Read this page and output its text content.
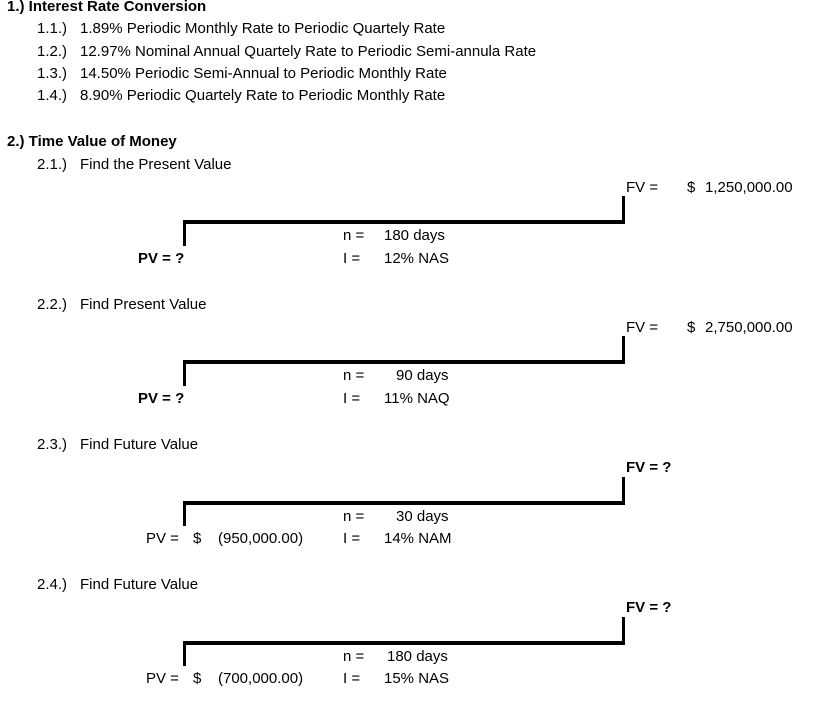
1.) Interest Rate Conversion
1.1.) 1.89% Periodic Monthly Rate to Periodic Quartely Rate
1.2.) 12.97% Nominal Annual Quartely Rate to Periodic Semi-annula Rate
1.3.) 14.50% Periodic Semi-Annual to Periodic Monthly Rate
1.4.) 8.90% Periodic Quartely Rate to Periodic Monthly Rate
2.) Time Value of Money
2.1.) Find the Present Value
FV = $ 1,250,000.00
n = 180 days
PV = ?	I = 12% NAS
2.2.) Find Present Value
FV = $ 2,750,000.00
n = 90 days
PV = ?	I = 11% NAQ
2.3.) Find Future Value
FV = ?
n = 30 days
PV = $ (950,000.00)	I = 14% NAM
2.4.) Find Future Value
FV = ?
n = 180 days
PV = $ (700,000.00)	I = 15% NAS
